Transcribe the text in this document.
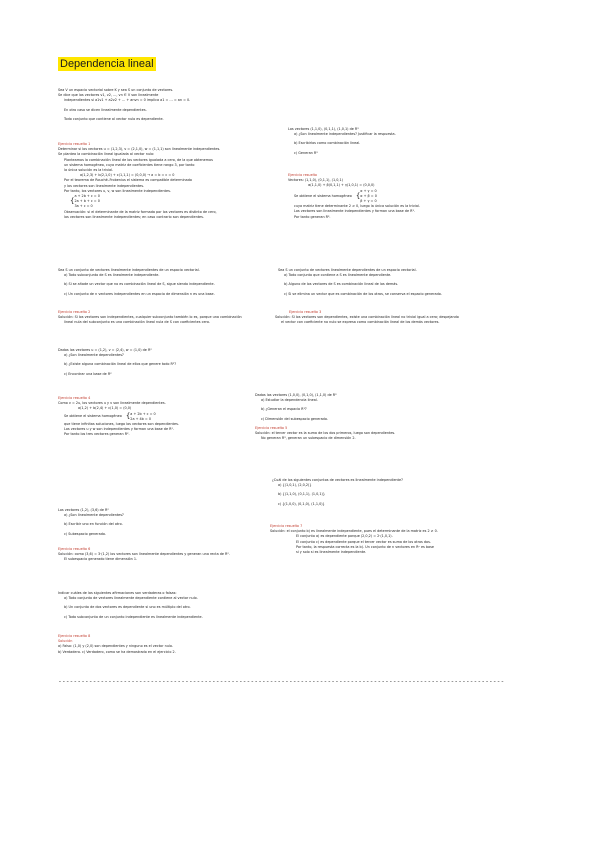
Dependencia lineal
Sea V un espacio vectorial sobre K y sea S un conjunto de vectores.
Se dice que los vectores v1, v2, …, vn ∈ V son linealmente
independientes si a1v1 + a2v2 + … + anvn = 0 implica a1 = … = an = 0.
En otro caso se dicen linealmente dependientes.
Todo conjunto que contiene al vector nulo es dependiente.
Los vectores (1,1,0), (0,1,1), (1,0,1) de R³
a) ¿Son linealmente independientes? Justificar la respuesta.
b) Escribirlos como combinación lineal.
c) Generan R³
Ejercicio resuelto 1
Determinar si los vectores u = (1,2,3), v = (2,1,0), w = (1,1,1) son linealmente independientes.
Se plantea la combinación lineal igualada al vector nulo:
Planteamos la combinación lineal de los vectores igualada a cero, de la que obtenemos
un sistema homogéneo, cuya matriz de coeficientes tiene rango 3, por tanto
la única solución es la trivial.
a(1,2,3) + b(2,1,0) + c(1,1,1) = (0,0,0) → a = b = c = 0
Por el teorema de Rouché–Frobenius el sistema es compatible determinado
y los vectores son linealmente independientes.
Por tanto, los vectores u, v, w son linealmente independientes.
{
a + 2b + c = 0
2a + b + c = 0
3a + c = 0
Observación: si el determinante de la matriz formada por los vectores es distinto de cero,
los vectores son linealmente independientes; en caso contrario son dependientes.
Ejercicio resuelto
Vectores: (1,1,0), (0,1,1), (1,0,1)
α(1,1,0) + β(0,1,1) + γ(1,0,1) = (0,0,0)
Se obtiene el sistema homogéneo {
α + γ = 0
α + β = 0
β + γ = 0
cuya matriz tiene determinante 2 ≠ 0, luego la única solución es la trivial.
Los vectores son linealmente independientes y forman una base de R³.
Por tanto generan R³.
Sea S un conjunto de vectores linealmente independientes de un espacio vectorial.
a) Todo subconjunto de S es linealmente independiente.
b) Si se añade un vector que no es combinación lineal de S, sigue siendo independiente.
c) Un conjunto de n vectores independientes en un espacio de dimensión n es una base.
Sea S un conjunto de vectores linealmente dependientes de un espacio vectorial.
a) Todo conjunto que contiene a S es linealmente dependiente.
b) Alguno de los vectores de S es combinación lineal de los demás.
c) Si se elimina un vector que es combinación de los otros, se conserva el espacio generado.
Ejercicio resuelto 2
Solución: Si los vectores son independientes, cualquier subconjunto también lo es, porque una combinación
lineal nula del subconjunto es una combinación lineal nula de S con coeficientes cero.
Ejercicio resuelto 3
Solución: Si los vectores son dependientes, existe una combinación lineal no trivial igual a cero; despejando
el vector con coeficiente no nulo se expresa como combinación lineal de los demás vectores.
Dados los vectores u = (1,2), v = (2,4), w = (1,0) de R²
a) ¿Son linealmente dependientes?
b) ¿Existe alguna combinación lineal de ellos que genere todo R²?
c) Encontrar una base de R²
Ejercicio resuelto 4
Como v = 2u, los vectores u y v son linealmente dependientes.
a(1,2) + b(2,4) + c(1,0) = (0,0)
Se obtiene el sistema homogéneo { a + 2b + c = 0
2a + 4b = 0
que tiene infinitas soluciones, luego los vectores son dependientes.
Los vectores u y w son independientes y forman una base de R².
Por tanto los tres vectores generan R².
Dados los vectores (1,0,0), (0,1,0), (1,1,0) de R³
a) Estudiar la dependencia lineal.
b) ¿Generan el espacio R³?
c) Dimensión del subespacio generado.
Ejercicio resuelto 5
Solución: el tercer vector es la suma de los dos primeros, luego son dependientes.
No generan R³, generan un subespacio de dimensión 2.
¿Cuál de los siguientes conjuntos de vectores es linealmente independiente?
a) {(1,0,1), (2,0,2)}
b) {(1,1,0), (0,1,1), (1,0,1)}
c) {(1,0,0), (0,1,0), (1,1,0)}
Los vectores (1,2), (3,6) de R²
a) ¿Son linealmente dependientes?
b) Escribir uno en función del otro.
c) Subespacio generado.
Ejercicio resuelto 6
Solución: como (3,6) = 3·(1,2) los vectores son linealmente dependientes y generan una recta de R².
El subespacio generado tiene dimensión 1.
Ejercicio resuelto 7
Solución: el conjunto b) es linealmente independiente, pues el determinante de la matriz es 2 ≠ 0.
El conjunto a) es dependiente porque (2,0,2) = 2·(1,0,1).
El conjunto c) es dependiente porque el tercer vector es suma de los otros dos.
Por tanto, la respuesta correcta es la b). Un conjunto de n vectores en Rⁿ es base
si y solo si es linealmente independiente.
Indicar cuáles de las siguientes afirmaciones son verdaderas o falsas:
a) Todo conjunto de vectores linealmente dependiente contiene al vector nulo.
b) Un conjunto de dos vectores es dependiente si uno es múltiplo del otro.
c) Todo subconjunto de un conjunto independiente es linealmente independiente.
Ejercicio resuelto 8
Solución
a) Falso: (1,0) y (2,0) son dependientes y ninguno es el vector nulo.
b) Verdadero. c) Verdadero, como se ha demostrado en el ejercicio 2.
--------------------------------------------------------------------------------------------------------------------
